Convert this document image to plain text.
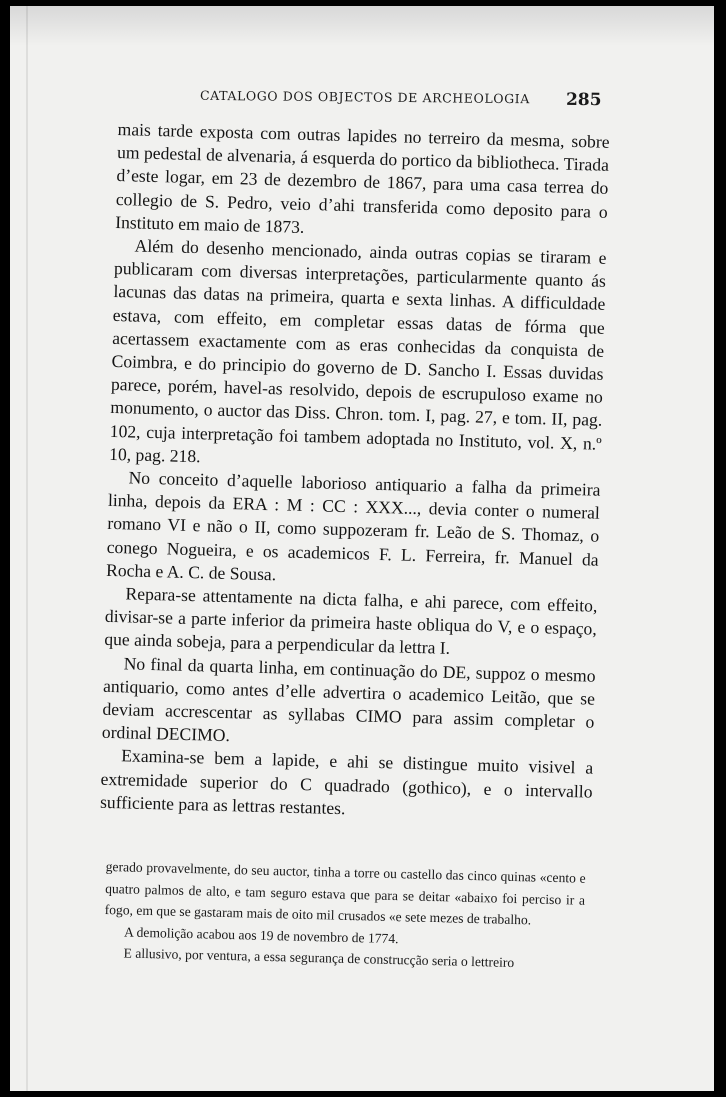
CATALOGO DOS OBJECTOS DE ARCHEOLOGIA	285

mais tarde exposta com outras lapides no terreiro da mesma, sobre um pedestal de alvenaria, á esquerda do portico da bibliotheca. Tirada d’este logar, em 23 de dezembro de 1867, para uma casa terrea do collegio de S. Pedro, veio d’ahi transferida como deposito para o Instituto em maio de 1873.

Além do desenho mencionado, ainda outras copias se tiraram e publicaram com diversas interpretações, particularmente quanto ás lacunas das datas na primeira, quarta e sexta linhas. A difficuldade estava, com effeito, em completar essas datas de fórma que acertassem exactamente com as eras conhecidas da conquista de Coimbra, e do principio do governo de D. Sancho I. Essas duvidas parece, porém, havel-as resolvido, depois de escrupuloso exame no monumento, o auctor das Diss. Chron. tom. I, pag. 27, e tom. II, pag. 102, cuja interpretação foi tambem adoptada no Instituto, vol. X, n.º 10, pag. 218.

No conceito d’aquelle laborioso antiquario a falha da primeira linha, depois da ERA : M : CC : XXX..., devia conter o numeral romano VI e não o II, como suppozeram fr. Leão de S. Thomaz, o conego Nogueira, e os academicos F. L. Ferreira, fr. Manuel da Rocha e A. C. de Sousa.

Repara-se attentamente na dicta falha, e ahi parece, com effeito, divisar-se a parte inferior da primeira haste obliqua do V, e o espaço, que ainda sobeja, para a perpendicular da lettra I.

No final da quarta linha, em continuação do DE, suppoz o mesmo antiquario, como antes d’elle advertira o academico Leitão, que se deviam accrescentar as syllabas CIMO para assim completar o ordinal DECIMO.

Examina-se bem a lapide, e ahi se distingue muito visivel a extremidade superior do C quadrado (gothico), e o intervallo sufficiente para as lettras restantes.

gerado provavelmente, do seu auctor, tinha a torre ou castello das cinco quinas «cento e quatro palmos de alto, e tam seguro estava que para se deitar «abaixo foi perciso ir a fogo, em que se gastaram mais de oito mil crusados «e sete mezes de trabalho.

A demolição acabou aos 19 de novembro de 1774.

E allusivo, por ventura, a essa segurança de construcção seria o lettreiro
